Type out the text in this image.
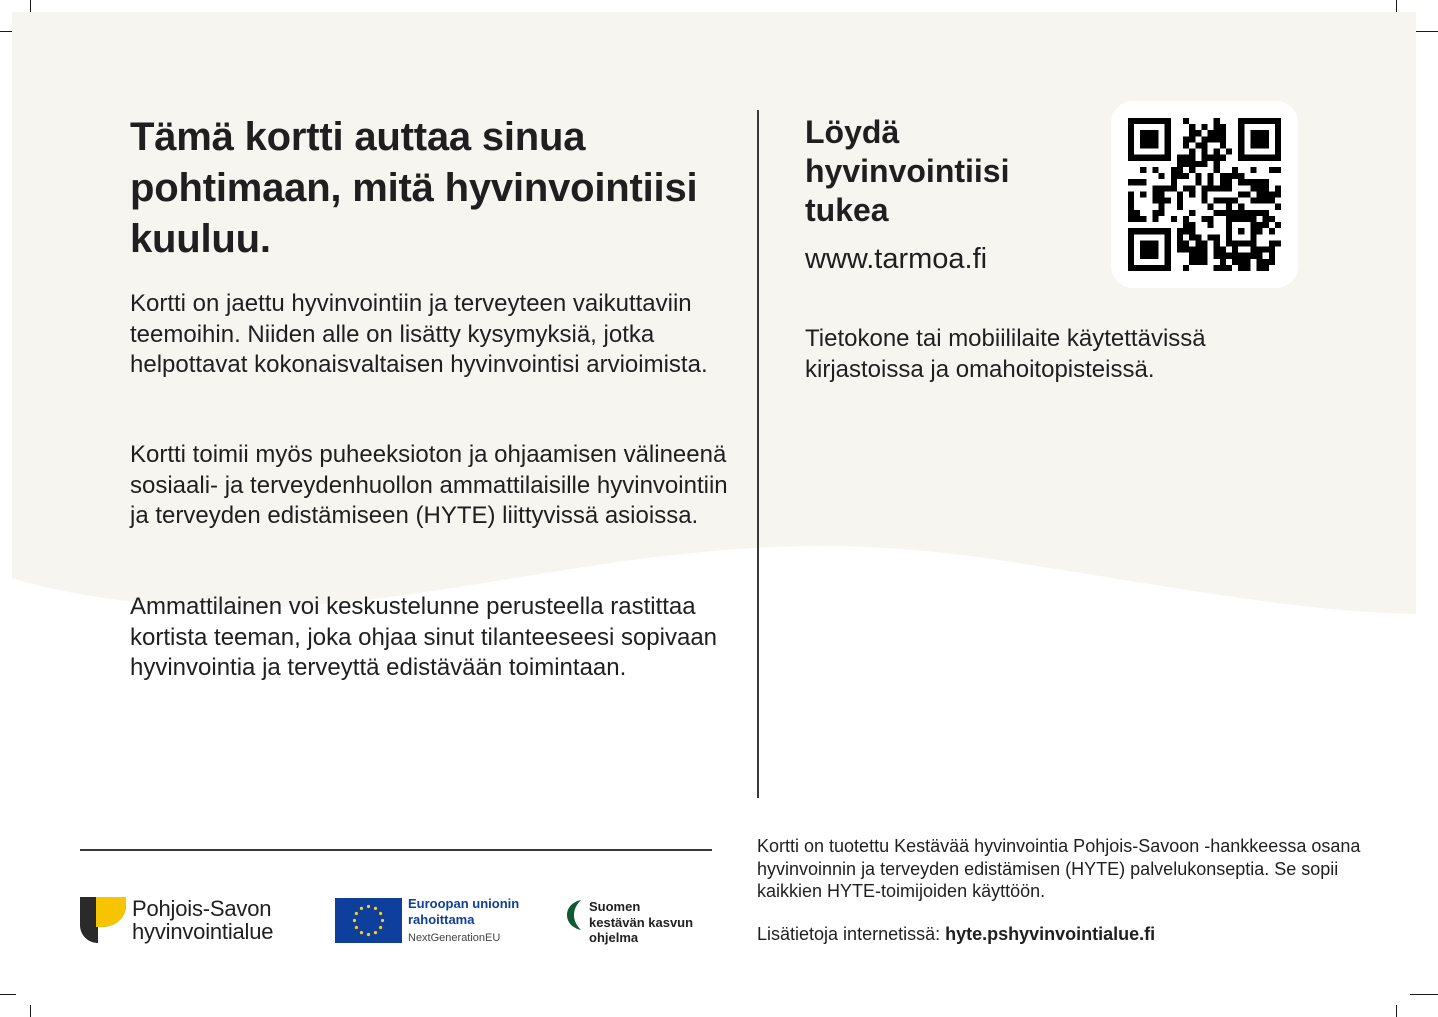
Tämä kortti auttaa sinua pohtimaan, mitä hyvinvointiisi kuuluu.

Kortti on jaettu hyvinvointiin ja terveyteen vaikuttaviin teemoihin. Niiden alle on lisätty kysymyksiä, jotka helpottavat kokonaisvaltaisen hyvinvointisi arvioimista.

Kortti toimii myös puheeksioton ja ohjaamisen välineenä sosiaali- ja terveydenhuollon ammattilaisille hyvinvointiin ja terveyden edistämiseen (HYTE) liittyvissä asioissa.

Ammattilainen voi keskustelunne perusteella rastittaa kortista teeman, joka ohjaa sinut tilanteeseesi sopivaan hyvinvointia ja terveyttä edistävään toimintaan.

Löydä hyvinvointiisi tukea
www.tarmoa.fi

Tietokone tai mobiililaite käytettävissä kirjastoissa ja omahoitopisteissä.

Pohjois-Savon
hyvinvointialue
Euroopan unionin
rahoittama
NextGenerationEU
Suomen
kestävän kasvun
ohjelma

Kortti on tuotettu Kestävää hyvinvointia Pohjois-Savoon -hankkeessa osana hyvinvoinnin ja terveyden edistämisen (HYTE) palvelukonseptia. Se sopii kaikkien HYTE-toimijoiden käyttöön.

Lisätietoja internetissä: hyte.pshyvinvointialue.fi
